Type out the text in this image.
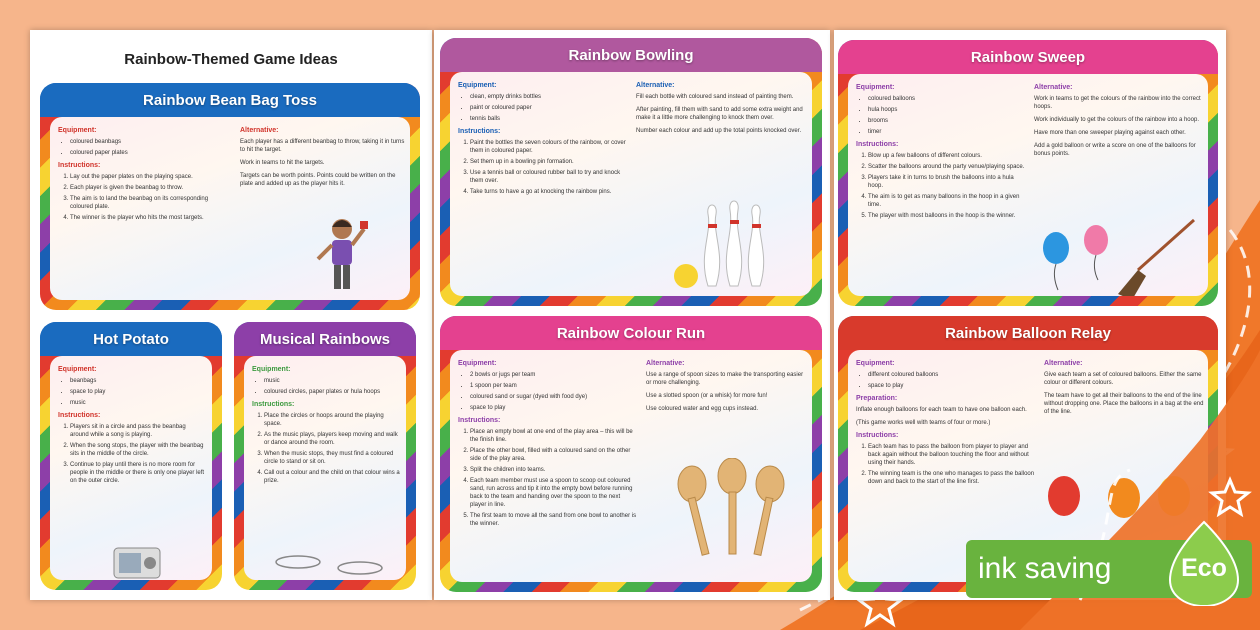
Rainbow-Themed Game Ideas
Rainbow Bean Bag Toss
Equipment:
• coloured beanbags
• coloured paper plates
Instructions:
1. Lay out the paper plates on the playing space.
2. Each player is given the beanbag to throw.
3. The aim is to land the beanbag on its corresponding coloured plate.
4. The winner is the player who hits the most targets.
Alternative:

Each player has a different beanbag to throw, taking it in turns to hit the target.

Work in teams to hit the targets.

Targets can be worth points. Points could be written on the plate and added up as the player hits it.

Hot Potato
Equipment:
• beanbags
• space to play
• music
Instructions:
1. Players sit in a circle and pass the beanbag around while a song is playing.
2. When the song stops, the player with the beanbag sits in the middle of the circle.
3. Continue to play until there is no more room for people in the middle or there is only one player left on the outer circle.
Musical Rainbows
Equipment:
• music
• coloured circles, paper plates or hula hoops
Instructions:
1. Place the circles or hoops around the playing space.
2. As the music plays, players keep moving and walk or dance around the room.
3. When the music stops, they must find a coloured circle to stand or sit on.
4. Call out a colour and the child on that colour wins a prize.
Rainbow Bowling
Equipment:
• clean, empty drinks bottles
• paint or coloured paper
• tennis balls
Instructions:
1. Paint the bottles the seven colours of the rainbow, or cover them in coloured paper.
2. Set them up in a bowling pin formation.
3. Use a tennis ball or coloured rubber ball to try and knock them over.
4. Take turns to have a go at knocking the rainbow pins.
Alternative:

Fill each bottle with coloured sand instead of painting them.

After painting, fill them with sand to add some extra weight and make it a little more challenging to knock them over.

Number each colour and add up the total points knocked over.

Rainbow Colour Run
Equipment:
• 2 bowls or jugs per team
• 1 spoon per team
• coloured sand or sugar (dyed with food dye)
• space to play
Instructions:
1. Place an empty bowl at one end of the play area – this will be the finish line.
2. Place the other bowl, filled with a coloured sand on the other side of the play area.
3. Split the children into teams.
4. Each team member must use a spoon to scoop out coloured sand, run across and tip it into the empty bowl before running back to the team and handing over the spoon to the next player in line.
5. The first team to move all the sand from one bowl to another is the winner.
Alternative:

Use a range of spoon sizes to make the transporting easier or more challenging.

Use a slotted spoon (or a whisk) for more fun!

Use coloured water and egg cups instead.

Rainbow Sweep
Equipment:
• coloured balloons
• hula hoops
• brooms
• timer
Instructions:
1. Blow up a few balloons of different colours.
2. Scatter the balloons around the party venue/playing space.
3. Players take it in turns to brush the balloons into a hula hoop.
4. The aim is to get as many balloons in the hoop in a given time.
5. The player with most balloons in the hoop is the winner.
Alternative:

Work in teams to get the colours of the rainbow into the correct hoops.

Work individually to get the colours of the rainbow into a hoop.

Have more than one sweeper playing against each other.

Add a gold balloon or write a score on one of the balloons for bonus points.

Rainbow Balloon Relay
Equipment:
• different coloured balloons
• space to play
Preparation:

Inflate enough balloons for each team to have one balloon each.

(This game works well with teams of four or more.)

Instructions:
1. Each team has to pass the balloon from player to player and back again without the balloon touching the floor and without using their hands.
2. The winning team is the one who manages to pass the balloon down and back to the start of the line first.
Alternative:

Give each team a set of coloured balloons. Either the same colour or different colours.

The team have to get all their balloons to the end of the line without dropping one. Place the balloons in a bag at the end of the line.

ink saving	Eco
